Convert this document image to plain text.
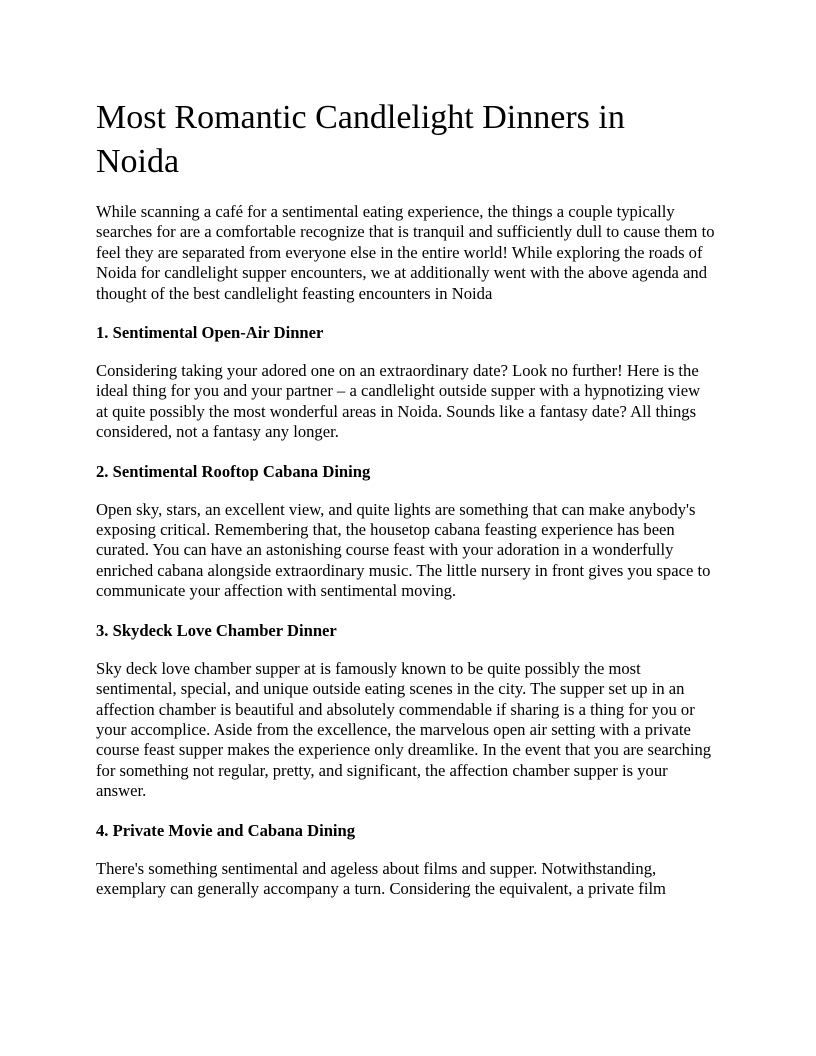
Most Romantic Candlelight Dinners in Noida

While scanning a café for a sentimental eating experience, the things a couple typically searches for are a comfortable recognize that is tranquil and sufficiently dull to cause them to feel they are separated from everyone else in the entire world! While exploring the roads of Noida for candlelight supper encounters, we at additionally went with the above agenda and thought of the best candlelight feasting encounters in Noida

1. Sentimental Open-Air Dinner

Considering taking your adored one on an extraordinary date? Look no further! Here is the ideal thing for you and your partner – a candlelight outside supper with a hypnotizing view at quite possibly the most wonderful areas in Noida. Sounds like a fantasy date? All things considered, not a fantasy any longer.

2. Sentimental Rooftop Cabana Dining

Open sky, stars, an excellent view, and quite lights are something that can make anybody's exposing critical. Remembering that, the housetop cabana feasting experience has been curated. You can have an astonishing course feast with your adoration in a wonderfully enriched cabana alongside extraordinary music. The little nursery in front gives you space to communicate your affection with sentimental moving.

3. Skydeck Love Chamber Dinner

Sky deck love chamber supper at is famously known to be quite possibly the most sentimental, special, and unique outside eating scenes in the city. The supper set up in an affection chamber is beautiful and absolutely commendable if sharing is a thing for you or your accomplice. Aside from the excellence, the marvelous open air setting with a private course feast supper makes the experience only dreamlike. In the event that you are searching for something not regular, pretty, and significant, the affection chamber supper is your answer.

4. Private Movie and Cabana Dining

There's something sentimental and ageless about films and supper. Notwithstanding, exemplary can generally accompany a turn. Considering the equivalent, a private film
